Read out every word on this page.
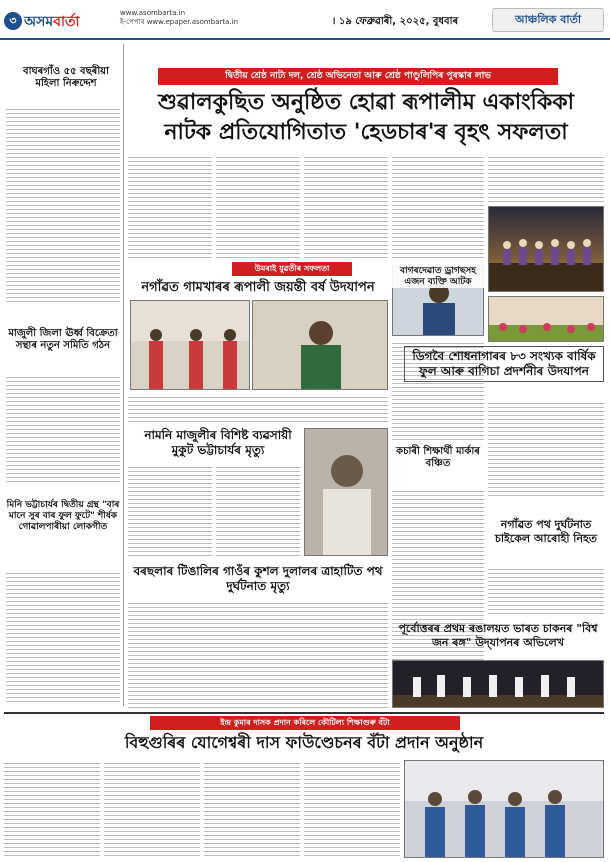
৩ অসমবাৰ্তা
www.asombarta.in
ই-পেপাৰ www.epaper.asombarta.in	। ১৯ ফেব্ৰুৱাৰী, ২০২৫, বুধবাৰ	আঞ্চলিক বাৰ্তা
বাঘৰগাঁও ৫৫ বছৰীয়া মহিলা নিৰুদ্দেশ
মাজুলী জিলা ঊৰ্ধ্ব বিক্ৰেতা সন্থাৰ নতুন সমিতি গঠন
মিনি ভট্টাচাৰ্যৰ দ্বিতীয় গ্ৰন্থ "বাৰ মানে সুৰ বাৰ ফুল ফুটে" শীৰ্ষক গোৱালপাৰীয়া লোকগীত
দ্বিতীয় শ্ৰেষ্ঠ নাট্য দল, শ্ৰেষ্ঠ অভিনেতা আৰু শ্ৰেষ্ঠ পাণ্ডুলিপিৰ পুৰস্কাৰ লাভ
শুৱালকুছিত অনুষ্ঠিত হোৱা ৰূপালীম একাংকিকা
নাটক প্ৰতিযোগিতাত 'হেডচাৰ'ৰ বৃহৎ সফলতা
উমৰাই যুৱতীৰ সফলতা
নগাঁৱত গামখাৰৰ ৰূপালী জয়ন্তী বৰ্ষ উদযাপন
নামনি মাজুলীৰ বিশিষ্ট ব্যৱসায়ী মুকুট ভট্টাচাৰ্যৰ মৃত্যু
বৰছলাৰ টিঙালিৰ গাওঁৰ কুশল দুলালৰ ত্ৰাহাটিত পথ দুৰ্ঘটনাত মৃত্যু
বাগৰদেৱাত ড্ৰাগছসহ এজন ব্যক্তি আটক
কচাৰী শিক্ষাৰ্থী মাৰ্কাৰ বঞ্চিত
ডিগবৈ শোধনাগাৰৰ ৮৩ সংখ্যক বাৰ্ষিক ফুল আৰু বাগিচা প্ৰদৰ্শনীৰ উদযাপন
নগাঁৱত পথ দুৰ্ঘটনাত চাইকেল আৰোহী নিহত
পূৰ্বোত্তৰৰ প্ৰথম ৰঙালয়ত ভাৰত চাকনৰ "বিশ্ব জন ৰঙ্গ" উদ্‌যাপনৰ অভিলেখ
ইন্দ্ৰ কুমাৰ দাসক প্ৰদান কৰিলে কৌটিল্য শিক্ষাগুৰু বঁটা
বিহুগুৰিৰ যোগেশ্বৰী দাস ফাউণ্ডেচনৰ বঁটা প্ৰদান অনুষ্ঠান
